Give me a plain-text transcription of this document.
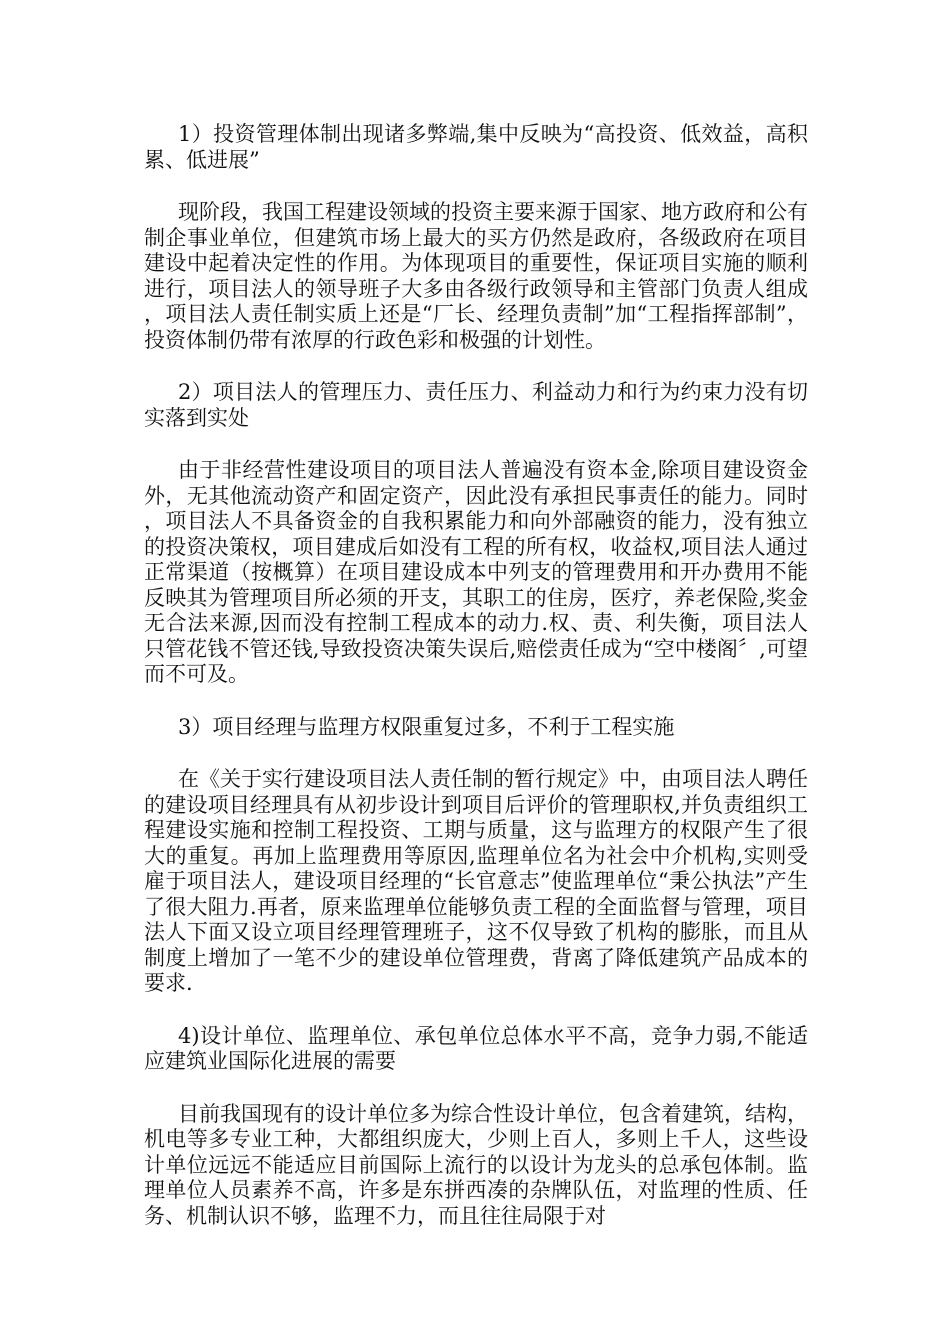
1）投资管理体制出现诸多弊端,集中反映为“高投资、低效益，高积累、低进展”

现阶段，我国工程建设领域的投资主要来源于国家、地方政府和公有制企事业单位，但建筑市场上最大的买方仍然是政府，各级政府在项目建设中起着决定性的作用。为体现项目的重要性，保证项目实施的顺利进行，项目法人的领导班子大多由各级行政领导和主管部门负责人组成，项目法人责任制实质上还是“厂长、经理负责制”加“工程指挥部制”，投资体制仍带有浓厚的行政色彩和极强的计划性。

2）项目法人的管理压力、责任压力、利益动力和行为约束力没有切实落到实处

由于非经营性建设项目的项目法人普遍没有资本金,除项目建设资金外，无其他流动资产和固定资产，因此没有承担民事责任的能力。同时，项目法人不具备资金的自我积累能力和向外部融资的能力，没有独立的投资决策权，项目建成后如没有工程的所有权，收益权,项目法人通过正常渠道（按概算）在项目建设成本中列支的管理费用和开办费用不能反映其为管理项目所必须的开支，其职工的住房，医疗，养老保险,奖金无合法来源,因而没有控制工程成本的动力.权、责、利失衡，项目法人只管花钱不管还钱,导致投资决策失误后,赔偿责任成为“空中楼阁〞,可望而不可及。

3）项目经理与监理方权限重复过多，不利于工程实施

在《关于实行建设项目法人责任制的暂行规定》中，由项目法人聘任的建设项目经理具有从初步设计到项目后评价的管理职权,并负责组织工程建设实施和控制工程投资、工期与质量，这与监理方的权限产生了很大的重复。再加上监理费用等原因,监理单位名为社会中介机构,实则受雇于项目法人，建设项目经理的“长官意志”使监理单位“秉公执法”产生了很大阻力.再者，原来监理单位能够负责工程的全面监督与管理，项目法人下面又设立项目经理管理班子，这不仅导致了机构的膨胀，而且从制度上增加了一笔不少的建设单位管理费，背离了降低建筑产品成本的要求.

4)设计单位、监理单位、承包单位总体水平不高，竞争力弱,不能适应建筑业国际化进展的需要

目前我国现有的设计单位多为综合性设计单位，包含着建筑，结构，机电等多专业工种，大都组织庞大，少则上百人，多则上千人，这些设计单位远远不能适应目前国际上流行的以设计为龙头的总承包体制。监理单位人员素养不高，许多是东拼西凑的杂牌队伍，对监理的性质、任务、机制认识不够，监理不力，而且往往局限于对
